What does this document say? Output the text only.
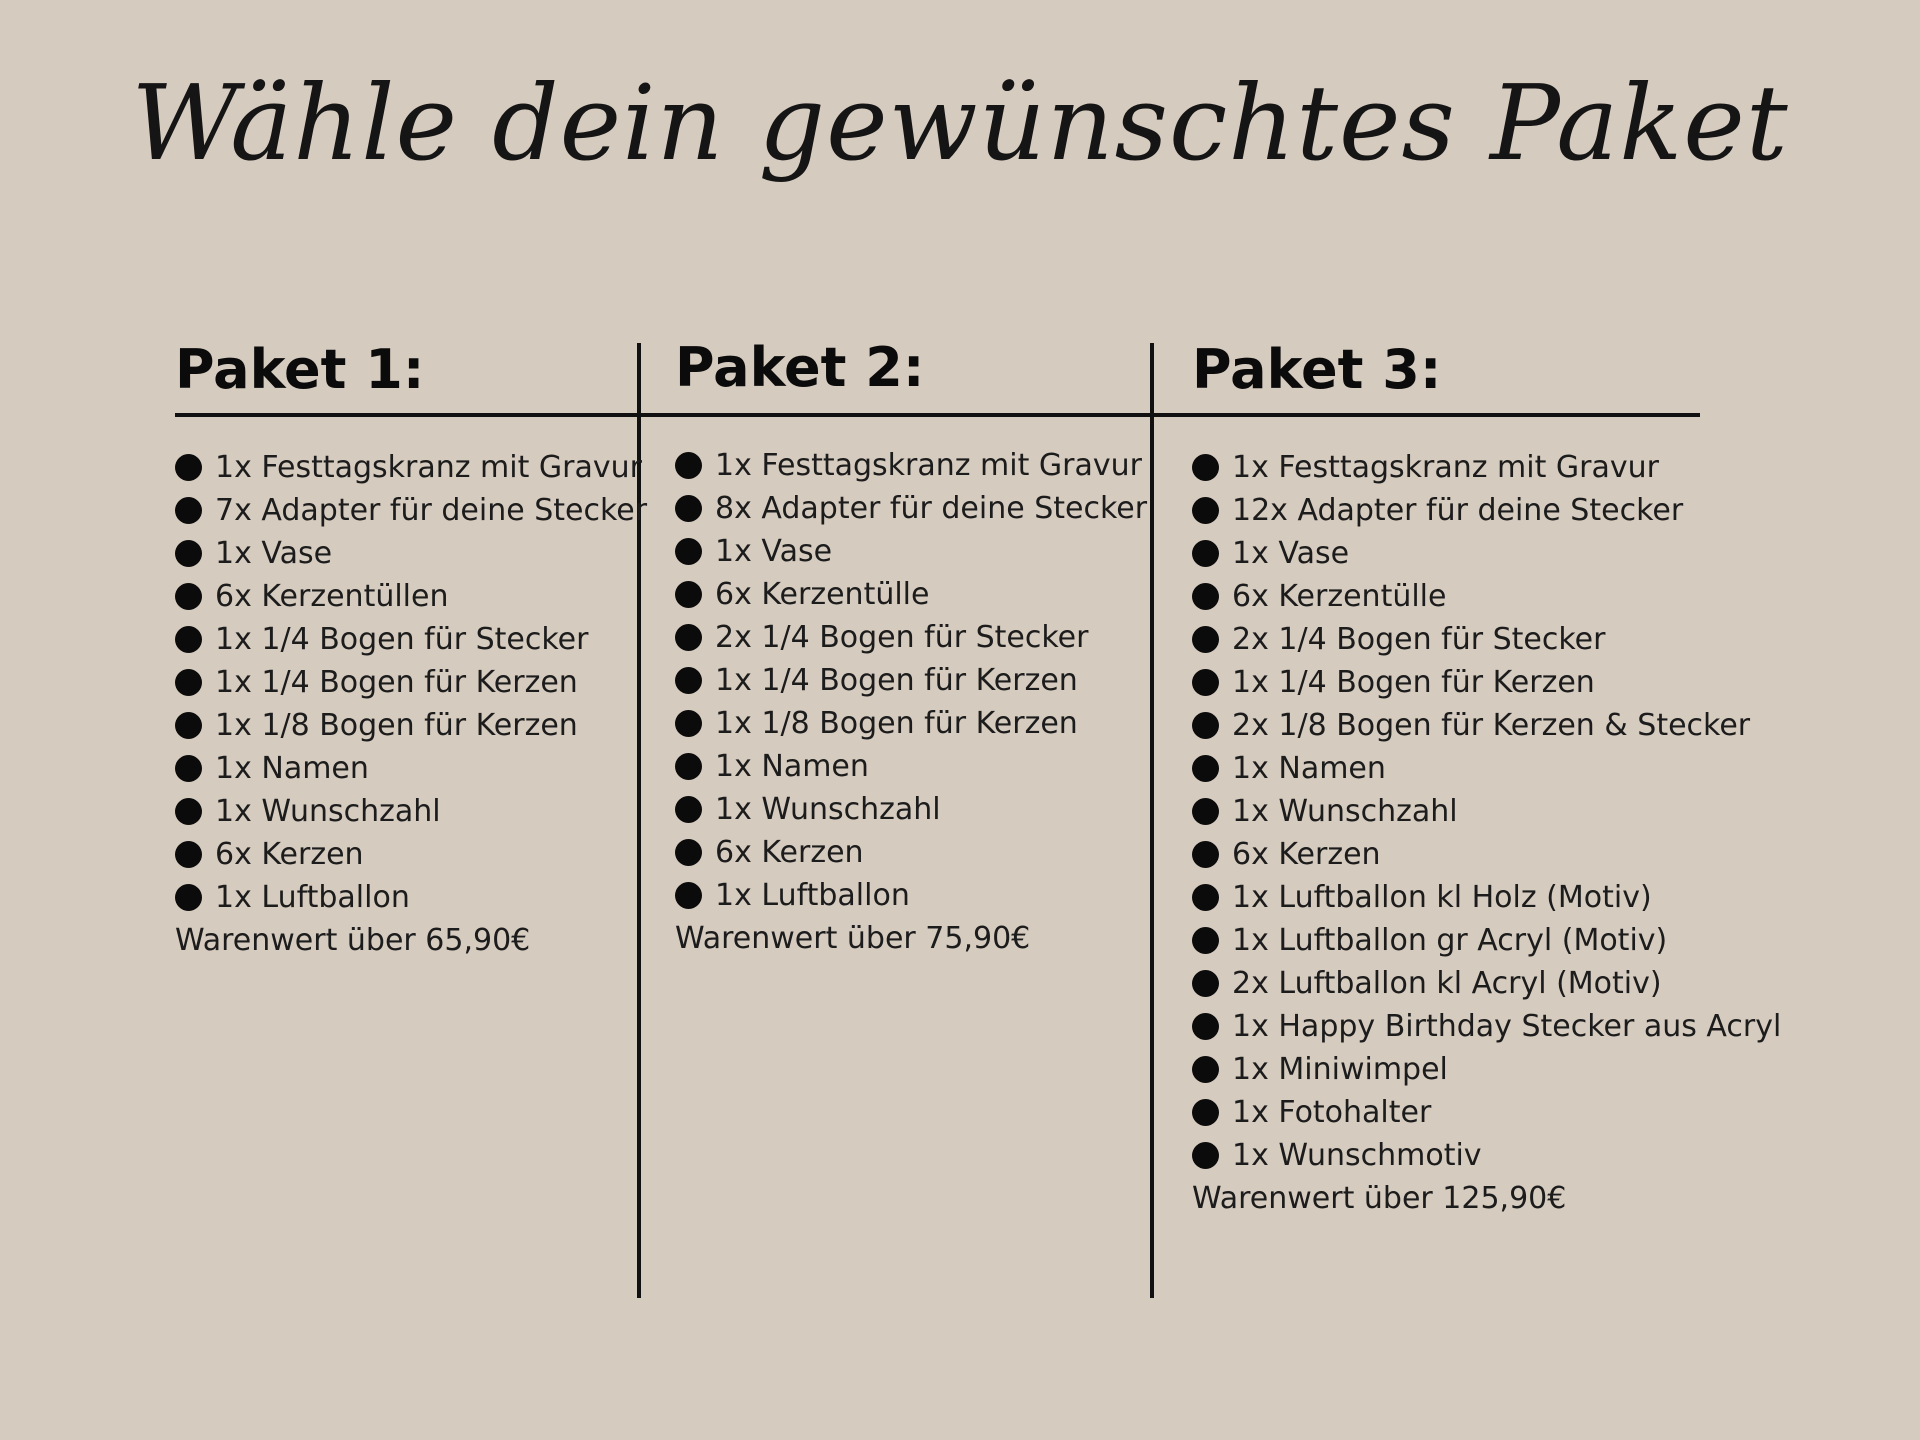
Wähle dein gewünschtes Paket
Paket 1:
1x Festtagskranz mit Gravur
7x Adapter für deine Stecker
1x Vase
6x Kerzentüllen
1x 1/4 Bogen für Stecker
1x 1/4 Bogen für Kerzen
1x 1/8 Bogen für Kerzen
1x Namen
1x Wunschzahl
6x Kerzen
1x Luftballon
Warenwert über 65,90€
Paket 2:
1x Festtagskranz mit Gravur
8x Adapter für deine Stecker
1x Vase
6x Kerzentülle
2x 1/4 Bogen für Stecker
1x 1/4 Bogen für Kerzen
1x 1/8 Bogen für Kerzen
1x Namen
1x Wunschzahl
6x Kerzen
1x Luftballon
Warenwert über 75,90€
Paket 3:
1x Festtagskranz mit Gravur
12x Adapter für deine Stecker
1x Vase
6x Kerzentülle
2x 1/4 Bogen für Stecker
1x 1/4 Bogen für Kerzen
2x 1/8 Bogen für Kerzen & Stecker
1x Namen
1x Wunschzahl
6x Kerzen
1x Luftballon kl Holz (Motiv)
1x Luftballon gr Acryl (Motiv)
2x Luftballon kl Acryl (Motiv)
1x Happy Birthday Stecker aus Acryl
1x Miniwimpel
1x Fotohalter
1x Wunschmotiv
Warenwert über 125,90€
